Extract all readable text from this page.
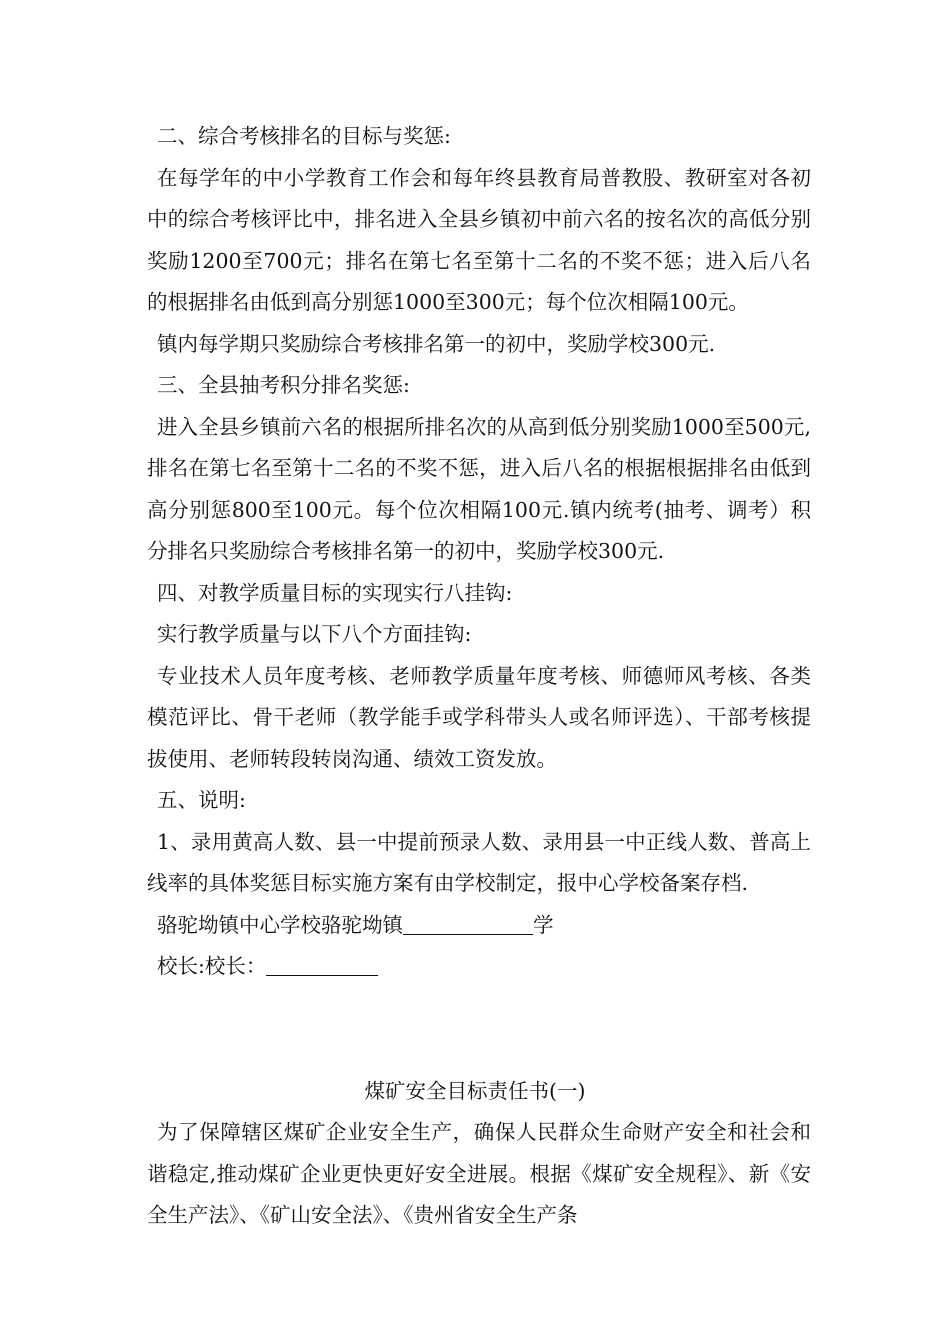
二、综合考核排名的目标与奖惩:

在每学年的中小学教育工作会和每年终县教育局普教股、教研室对各初中的综合考核评比中，排名进入全县乡镇初中前六名的按名次的高低分别奖励1200至700元；排名在第七名至第十二名的不奖不惩；进入后八名的根据排名由低到高分别惩1000至300元；每个位次相隔100元。

镇内每学期只奖励综合考核排名第一的初中，奖励学校300元.

三、全县抽考积分排名奖惩:

进入全县乡镇前六名的根据所排名次的从高到低分别奖励1000至500元,排名在第七名至第十二名的不奖不惩，进入后八名的根据根据排名由低到高分别惩800至100元。每个位次相隔100元.镇内统考(抽考、调考）积分排名只奖励综合考核排名第一的初中，奖励学校300元.

四、对教学质量目标的实现实行八挂钩:

实行教学质量与以下八个方面挂钩:

专业技术人员年度考核、老师教学质量年度考核、师德师风考核、各类模范评比、骨干老师（教学能手或学科带头人或名师评选）、干部考核提拔使用、老师转段转岗沟通、绩效工资发放。

五、说明:

1、录用黄高人数、县一中提前预录人数、录用县一中正线人数、普高上线率的具体奖惩目标实施方案有由学校制定，报中心学校备案存档.

骆驼坳镇中心学校骆驼坳镇	学

校长:校长：

煤矿安全目标责任书(一)

为了保障辖区煤矿企业安全生产，确保人民群众生命财产安全和社会和谐稳定,推动煤矿企业更快更好安全进展。根据《煤矿安全规程》、新《安全生产法》、《矿山安全法》、《贵州省安全生产条
